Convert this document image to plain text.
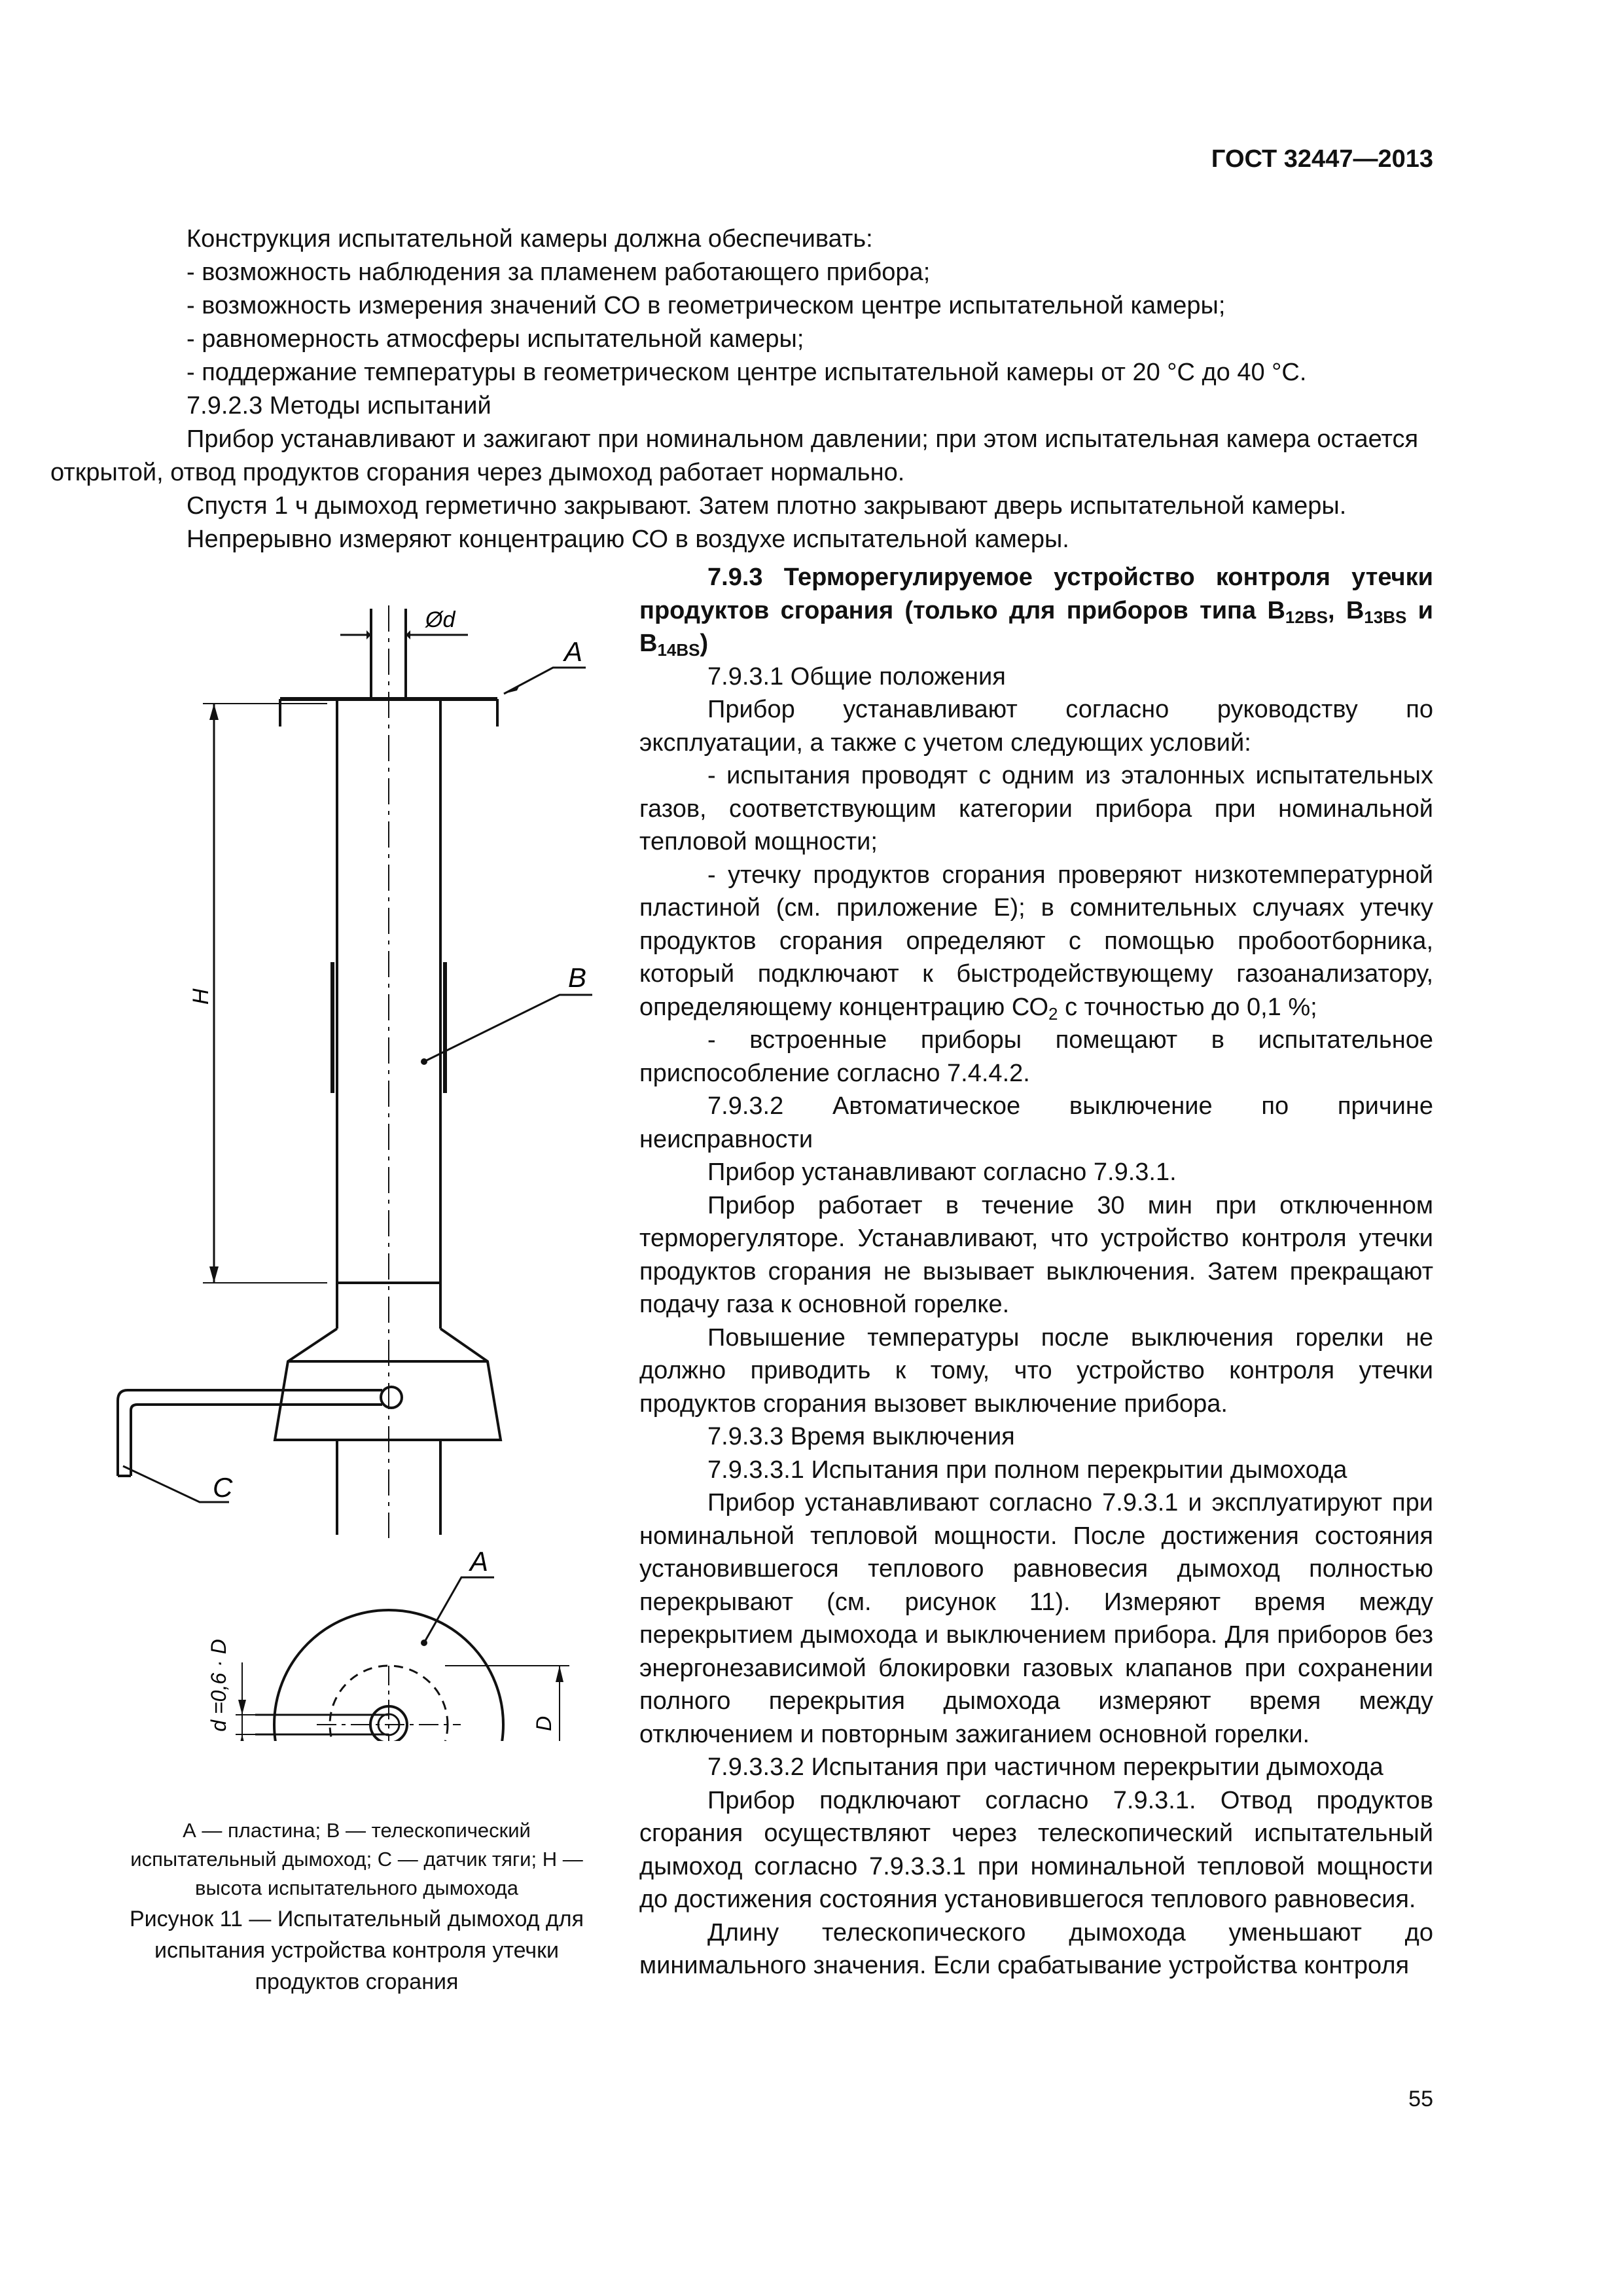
ГОСТ 32447—2013

Конструкция испытательной камеры должна обеспечивать:

- возможность наблюдения за пламенем работающего прибора;

- возможность измерения значений СО в геометрическом центре испытательной камеры;

- равномерность атмосферы испытательной камеры;

- поддержание температуры в геометрическом центре испытательной камеры от 20 °С до 40 °С.

7.9.2.3 Методы испытаний

Прибор устанавливают и зажигают при номинальном давлении; при этом испытательная камера остается открытой, отвод продуктов сгорания через дымоход работает нормально.

Спустя 1 ч дымоход герметично закрывают. Затем плотно закрывают дверь испытательной камеры.

Непрерывно измеряют концентрацию СО в воздухе испытательной камеры.

7.9.3 Терморегулируемое устройство контроля утечки продуктов сгорания (только для приборов типа $B_{12BS}$, $B_{13BS}$ и $B_{14BS}$)

7.9.3.1 Общие положения

Прибор устанавливают согласно руководству по эксплуатации, а также с учетом следующих условий:

- испытания проводят с одним из эталонных испытательных газов, соответствующим категории прибора при номинальной тепловой мощности;

- утечку продуктов сгорания проверяют низкотемпературной пластиной (см. приложение Е); в сомнительных случаях утечку продуктов сгорания определяют с помощью пробоотборника, который подключают к быстродействующему газоанализатору, определяющему концентрацию $СО_2$ с точностью до 0,1 %;

- встроенные приборы помещают в испытательное приспособление согласно 7.4.4.2.

7.9.3.2 Автоматическое выключение по причине неисправности

Прибор устанавливают согласно 7.9.3.1.

Прибор работает в течение 30 мин при отключенном терморегуляторе. Устанавливают, что устройство контроля утечки продуктов сгорания не вызывает выключения. Затем прекращают подачу газа к основной горелке.

Повышение температуры после выключения горелки не должно приводить к тому, что устройство контроля утечки продуктов сгорания вызовет выключение прибора.

7.9.3.3 Время выключения

7.9.3.3.1 Испытания при полном перекрытии дымохода

Прибор устанавливают согласно 7.9.3.1 и эксплуатируют при номинальной тепловой мощности. После достижения состояния установившегося теплового равновесия дымоход полностью перекрывают (см. рисунок 11). Измеряют время между перекрытием дымохода и выключением прибора. Для приборов без энергонезависимой блокировки газовых клапанов при сохранении полного перекрытия дымохода измеряют время между отключением и повторным зажиганием основной горелки.

7.9.3.3.2 Испытания при частичном перекрытии дымохода

Прибор подключают согласно 7.9.3.1. Отвод продуктов сгорания осуществляют через телескопический испытательный дымоход согласно 7.9.3.3.1 при номинальной тепловой мощности до достижения состояния установившегося теплового равновесия.

Длину телескопического дымохода уменьшают до минимального значения. Если срабатывание устройства контроля

Ød
A
B
C
H
A
d =0,6 · D	D
А — пластина; В — телескопический испытательный дымоход; С — датчик тяги; Н — высота испытательного дымохода
Рисунок 11 — Испытательный дымоход для испытания устройства контроля утечки продуктов сгорания
55
